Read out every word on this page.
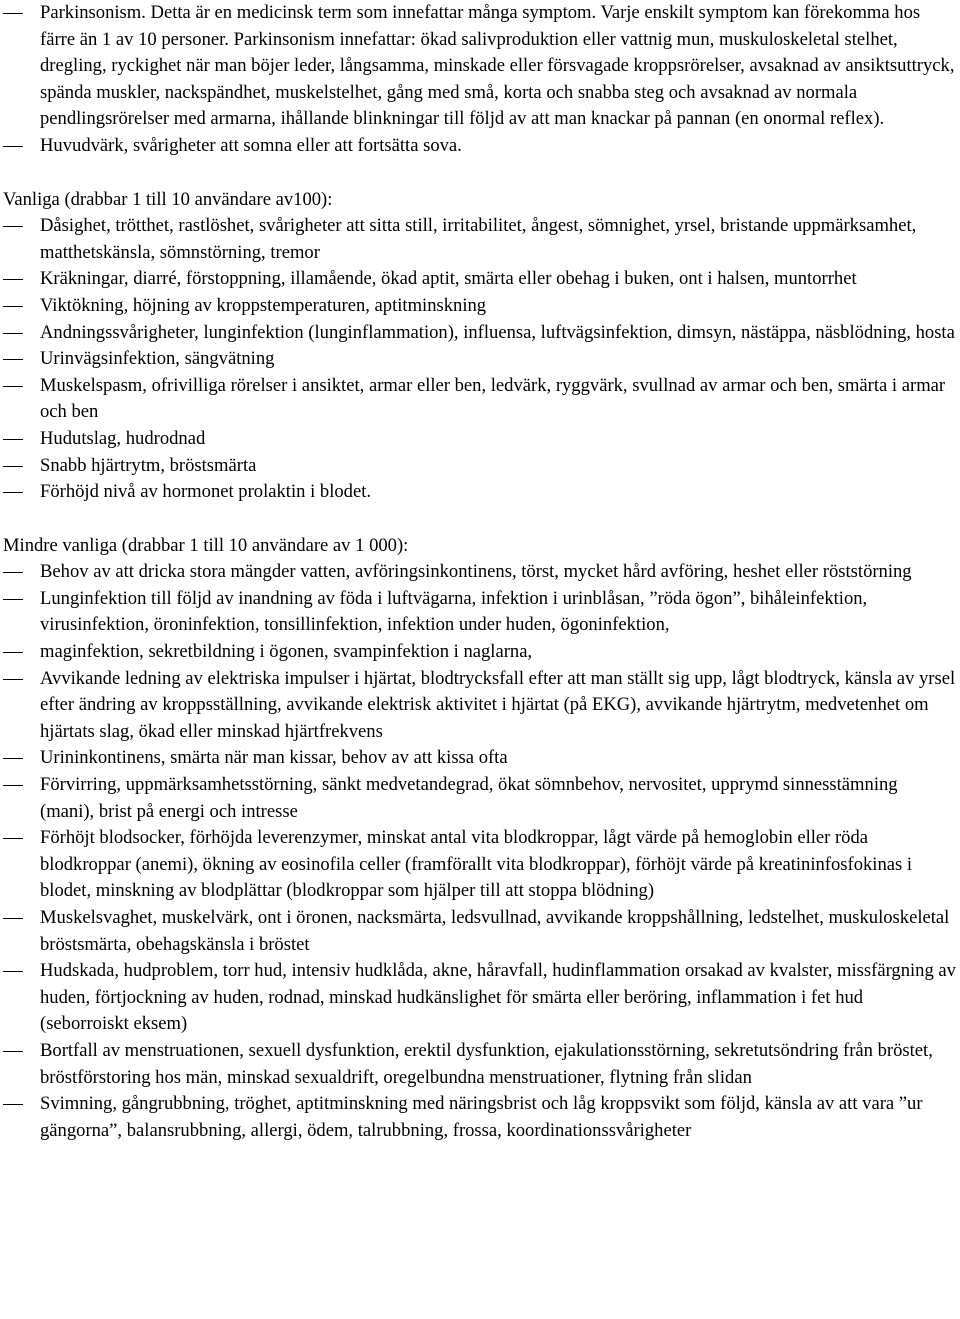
Parkinsonism. Detta är en medicinsk term som innefattar många symptom. Varje enskilt symptom kan förekomma hos färre än 1 av 10 personer. Parkinsonism innefattar: ökad salivproduktion eller vattnig mun, muskuloskeletal stelhet, dregling, ryckighet när man böjer leder, långsamma, minskade eller försvagade kroppsrörelser, avsaknad av ansiktsuttryck, spända muskler, nackspändhet, muskelstelhet, gång med små, korta och snabba steg och avsaknad av normala pendlingsrörelser med armarna, ihållande blinkningar till följd av att man knackar på pannan (en onormal reflex).
Huvudvärk, svårigheter att somna eller att fortsätta sova.
Vanliga (drabbar 1 till 10 användare av100):
Dåsighet, trötthet, rastlöshet, svårigheter att sitta still, irritabilitet, ångest, sömnighet, yrsel, bristande uppmärksamhet, matthetskänsla, sömnstörning, tremor
Kräkningar, diarré, förstoppning, illamående, ökad aptit, smärta eller obehag i buken, ont i halsen, muntorrhet
Viktökning, höjning av kroppstemperaturen, aptitminskning
Andningssvårigheter, lunginfektion (lunginflammation), influensa, luftvägsinfektion, dimsyn, nästäppa, näsblödning, hosta
Urinvägsinfektion, sängvätning
Muskelspasm, ofrivilliga rörelser i ansiktet, armar eller ben, ledvärk, ryggvärk, svullnad av armar och ben, smärta i armar och ben
Hudutslag, hudrodnad
Snabb hjärtrytm, bröstsmärta
Förhöjd nivå av hormonet prolaktin i blodet.
Mindre vanliga (drabbar 1 till 10 användare av 1 000):
Behov av att dricka stora mängder vatten, avföringsinkontinens, törst, mycket hård avföring, heshet eller röststörning
Lunginfektion till följd av inandning av föda i luftvägarna, infektion i urinblåsan, ”röda ögon”, bihåleinfektion, virusinfektion, öroninfektion, tonsillinfektion, infektion under huden, ögoninfektion,
maginfektion, sekretbildning i ögonen, svampinfektion i naglarna,
Avvikande ledning av elektriska impulser i hjärtat, blodtrycksfall efter att man ställt sig upp, lågt blodtryck, känsla av yrsel efter ändring av kroppsställning, avvikande elektrisk aktivitet i hjärtat (på EKG), avvikande hjärtrytm, medvetenhet om hjärtats slag, ökad eller minskad hjärtfrekvens
Urininkontinens, smärta när man kissar, behov av att kissa ofta
Förvirring, uppmärksamhetsstörning, sänkt medvetandegrad, ökat sömnbehov, nervositet, upprymd sinnesstämning (mani), brist på energi och intresse
Förhöjt blodsocker, förhöjda leverenzymer, minskat antal vita blodkroppar, lågt värde på hemoglobin eller röda blodkroppar (anemi), ökning av eosinofila celler (framförallt vita blodkroppar), förhöjt värde på kreatininfosfokinas i blodet, minskning av blodplättar (blodkroppar som hjälper till att stoppa blödning)
Muskelsvaghet, muskelvärk, ont i öronen, nacksmärta, ledsvullnad, avvikande kroppshållning, ledstelhet, muskuloskeletal bröstsmärta, obehagskänsla i bröstet
Hudskada, hudproblem, torr hud, intensiv hudklåda, akne, håravfall, hudinflammation orsakad av kvalster, missfärgning av huden, förtjockning av huden, rodnad, minskad hudkänslighet för smärta eller beröring, inflammation i fet hud (seborroiskt eksem)
Bortfall av menstruationen, sexuell dysfunktion, erektil dysfunktion, ejakulationsstörning, sekretutsöndring från bröstet, bröstförstoring hos män, minskad sexualdrift, oregelbundna menstruationer, flytning från slidan
Svimning, gångrubbning, tröghet, aptitminskning med näringsbrist och låg kroppsvikt som följd, känsla av att vara ”ur gängorna”, balansrubbning, allergi, ödem, talrubbning, frossa, koordinationssvårigheter
